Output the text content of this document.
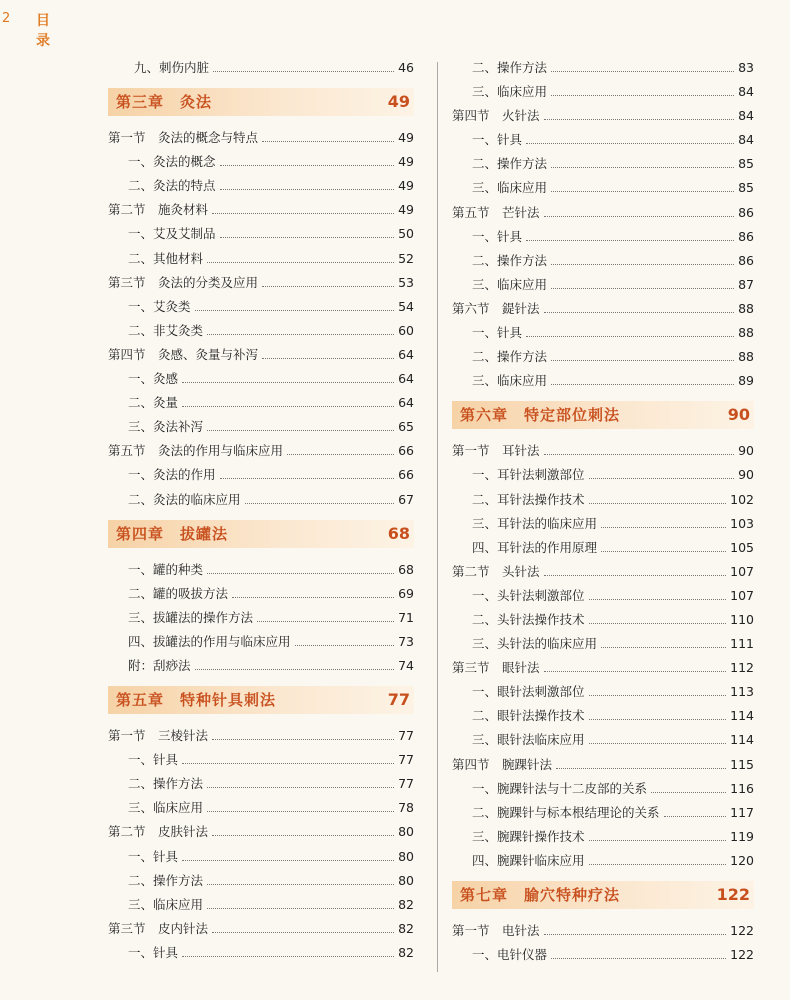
2 目录
九、刺伤内脏	46
第三章　灸法	49
第一节　灸法的概念与特点	49
一、灸法的概念	49
二、灸法的特点	49
第二节　施灸材料	49
一、艾及艾制品	50
二、其他材料	52
第三节　灸法的分类及应用	53
一、艾灸类	54
二、非艾灸类	60
第四节　灸感、灸量与补泻	64
一、灸感	64
二、灸量	64
三、灸法补泻	65
第五节　灸法的作用与临床应用	66
一、灸法的作用	66
二、灸法的临床应用	67
第四章　拔罐法	68
一、罐的种类	68
二、罐的吸拔方法	69
三、拔罐法的操作方法	71
四、拔罐法的作用与临床应用	73
附：刮痧法	74
第五章　特种针具刺法	77
第一节　三棱针法	77
一、针具	77
二、操作方法	77
三、临床应用	78
第二节　皮肤针法	80
一、针具	80
二、操作方法	80
三、临床应用	82
第三节　皮内针法	82
一、针具	82
二、操作方法	83
三、临床应用	84
第四节　火针法	84
一、针具	84
二、操作方法	85
三、临床应用	85
第五节　芒针法	86
一、针具	86
二、操作方法	86
三、临床应用	87
第六节　鍉针法	88
一、针具	88
二、操作方法	88
三、临床应用	89
第六章　特定部位刺法	90
第一节　耳针法	90
一、耳针法刺激部位	90
二、耳针法操作技术	102
三、耳针法的临床应用	103
四、耳针法的作用原理	105
第二节　头针法	107
一、头针法刺激部位	107
二、头针法操作技术	110
三、头针法的临床应用	111
第三节　眼针法	112
一、眼针法刺激部位	113
二、眼针法操作技术	114
三、眼针法临床应用	114
第四节　腕踝针法	115
一、腕踝针法与十二皮部的关系	116
二、腕踝针与标本根结理论的关系	117
三、腕踝针操作技术	119
四、腕踝针临床应用	120
第七章　腧穴特种疗法	122
第一节　电针法	122
一、电针仪器	122
